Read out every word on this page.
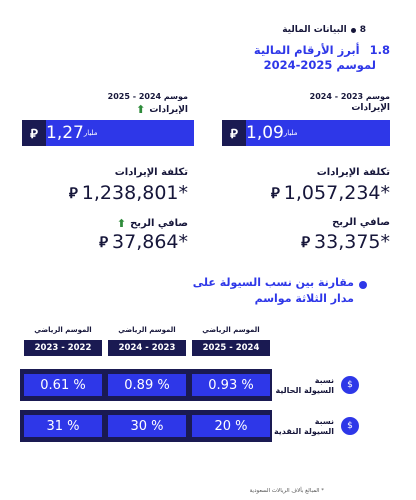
8
البيانات المالية
1.8 أبرز الأرقام المالية
لموسم 2025-2024
موسم 2024 - 2025
الإيرادات
⬆
⃁	مليار
1,27
تكلفة الإيرادات
⃁ 1,238,801*
صافي الربح
⬆
⃁ 37,864*
موسم 2023 - 2024
الإيرادات
⃁	مليار
1,09
تكلفة الإيرادات
⃁ 1,057,234*
صافي الربح
⃁ 33,375*
مقارنة بين نسب السيولة على
مدار الثلاثة مواسم
الموسم الرياضي	الموسم الرياضي	الموسم الرياضي
2023 - 2022	2024 - 2023	2025 - 2024
0.61 %	0.89 %	0.93 %	$
نسبة
السيولة الحالية
31 %	30 %	20 %	$
نسبة
السيولة النقدية
* المبالغ بآلاف الريالات السعودية
